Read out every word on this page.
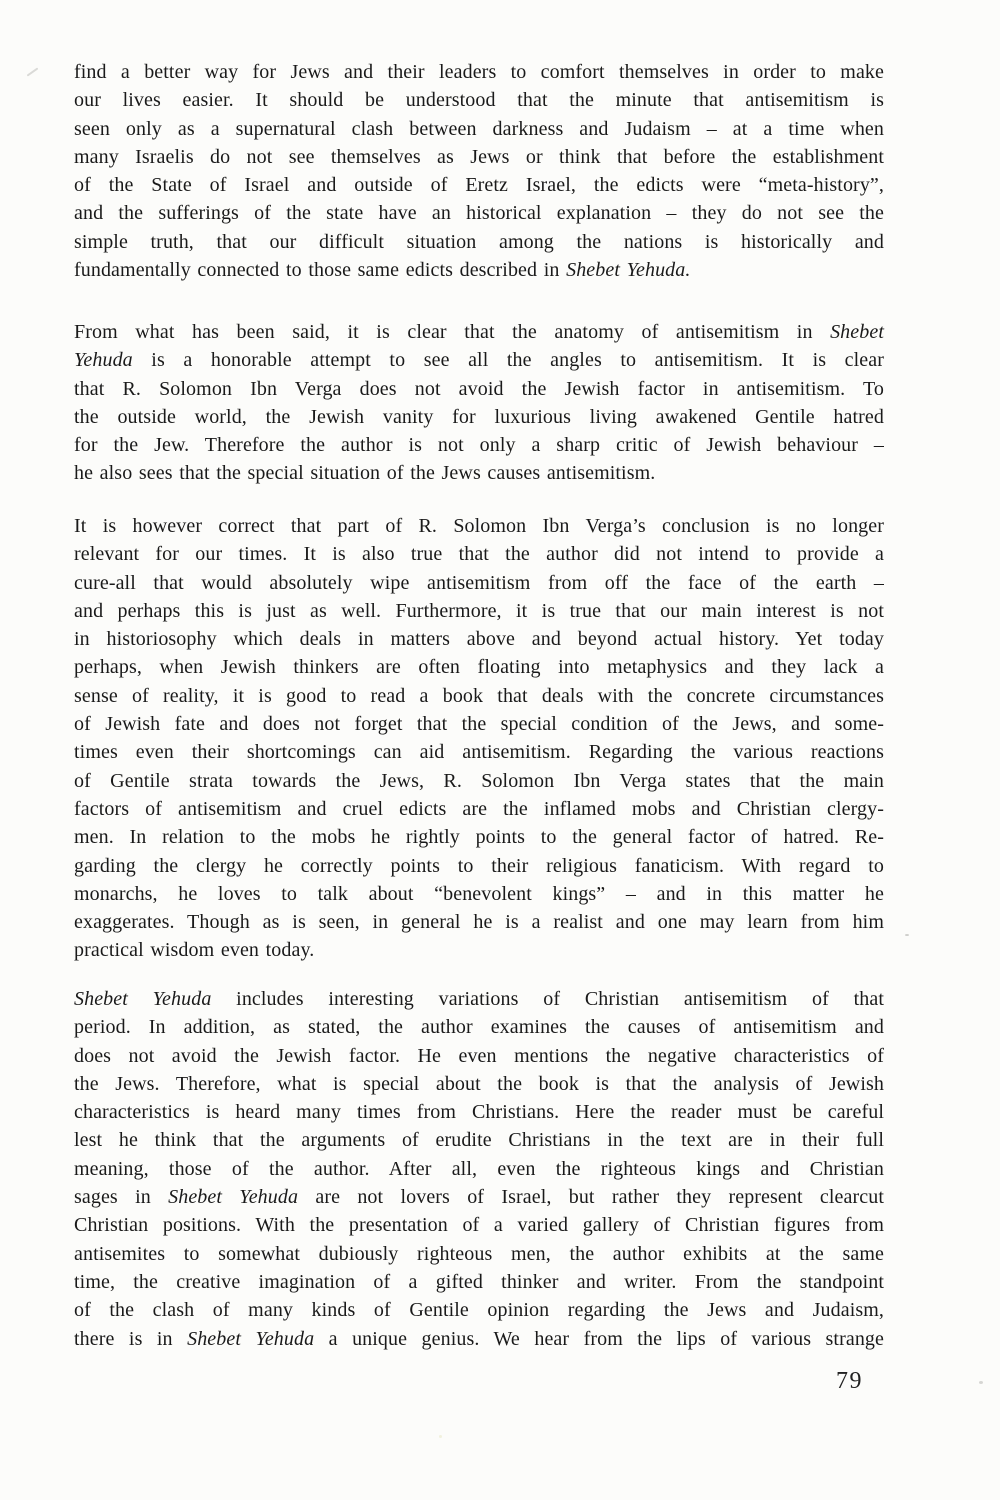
find a better way for Jews and their leaders to comfort themselves in order to make
our lives easier. It should be understood that the minute that antisemitism is
seen only as a supernatural clash between darkness and Judaism – at a time when
many Israelis do not see themselves as Jews or think that before the establishment
of the State of Israel and outside of Eretz Israel, the edicts were “meta-history”,
and the sufferings of the state have an historical explanation – they do not see the
simple truth, that our difficult situation among the nations is historically and
fundamentally connected to those same edicts described in Shebet Yehuda.
From what has been said, it is clear that the anatomy of antisemitism in Shebet
Yehuda is a honorable attempt to see all the angles to antisemitism. It is clear
that R. Solomon Ibn Verga does not avoid the Jewish factor in antisemitism. To
the outside world, the Jewish vanity for luxurious living awakened Gentile hatred
for the Jew. Therefore the author is not only a sharp critic of Jewish behaviour –
he also sees that the special situation of the Jews causes antisemitism.
It is however correct that part of R. Solomon Ibn Verga’s conclusion is no longer
relevant for our times. It is also true that the author did not intend to provide a
cure-all that would absolutely wipe antisemitism from off the face of the earth –
and perhaps this is just as well. Furthermore, it is true that our main interest is not
in historiosophy which deals in matters above and beyond actual history. Yet today
perhaps, when Jewish thinkers are often floating into metaphysics and they lack a
sense of reality, it is good to read a book that deals with the concrete circumstances
of Jewish fate and does not forget that the special condition of the Jews, and some-
times even their shortcomings can aid antisemitism. Regarding the various reactions
of Gentile strata towards the Jews, R. Solomon Ibn Verga states that the main
factors of antisemitism and cruel edicts are the inflamed mobs and Christian clergy-
men. In relation to the mobs he rightly points to the general factor of hatred. Re-
garding the clergy he correctly points to their religious fanaticism. With regard to
monarchs, he loves to talk about “benevolent kings” – and in this matter he
exaggerates. Though as is seen, in general he is a realist and one may learn from him
practical wisdom even today.
Shebet Yehuda includes interesting variations of Christian antisemitism of that
period. In addition, as stated, the author examines the causes of antisemitism and
does not avoid the Jewish factor. He even mentions the negative characteristics of
the Jews. Therefore, what is special about the book is that the analysis of Jewish
characteristics is heard many times from Christians. Here the reader must be careful
lest he think that the arguments of erudite Christians in the text are in their full
meaning, those of the author. After all, even the righteous kings and Christian
sages in Shebet Yehuda are not lovers of Israel, but rather they represent clearcut
Christian positions. With the presentation of a varied gallery of Christian figures from
antisemites to somewhat dubiously righteous men, the author exhibits at the same
time, the creative imagination of a gifted thinker and writer. From the standpoint
of the clash of many kinds of Gentile opinion regarding the Jews and Judaism,
there is in Shebet Yehuda a unique genius. We hear from the lips of various strange
79
